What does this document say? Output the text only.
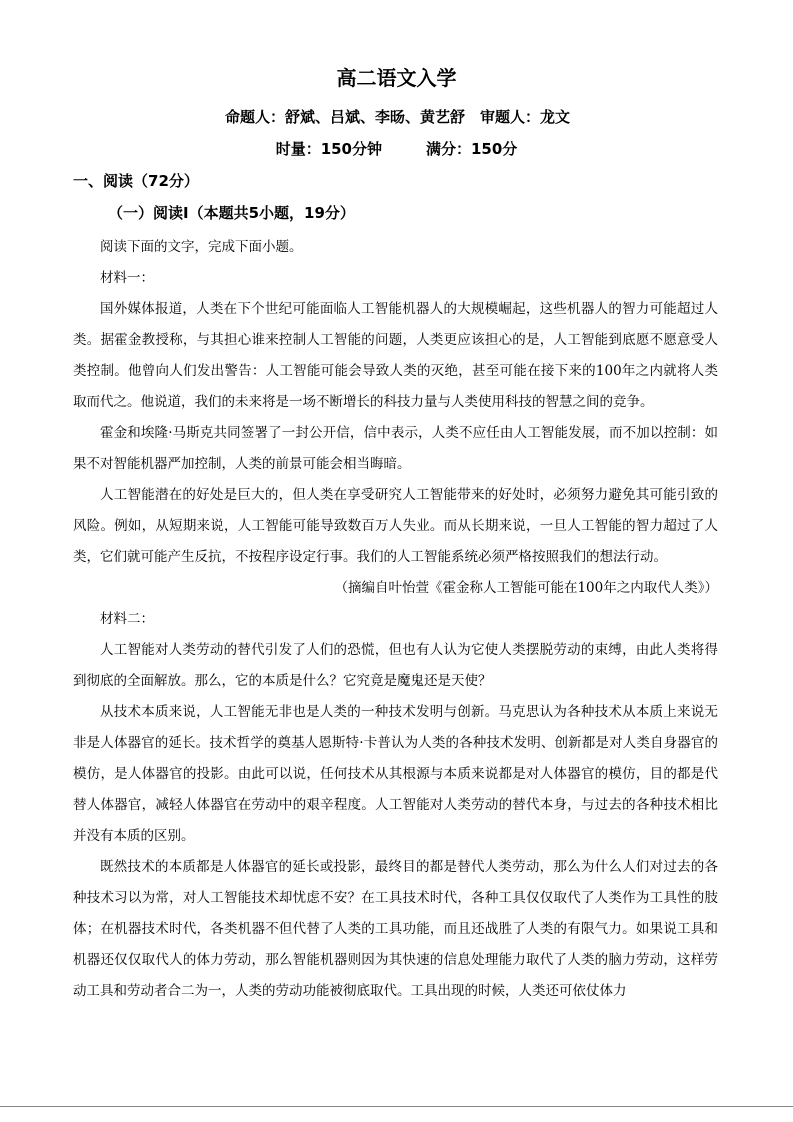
高二语文入学
命题人：舒斌、吕斌、李旸、黄艺舒　审题人：龙文
时量：150分钟	满分：150分
一、阅读（72分）
（一）阅读Ⅰ（本题共5小题，19分）

阅读下面的文字，完成下面小题。

材料一：

国外媒体报道，人类在下个世纪可能面临人工智能机器人的大规模崛起，这些机器人的智力可能超过人类。据霍金教授称，与其担心谁来控制人工智能的问题，人类更应该担心的是，人工智能到底愿不愿意受人类控制。他曾向人们发出警告：人工智能可能会导致人类的灭绝，甚至可能在接下来的100年之内就将人类取而代之。他说道，我们的未来将是一场不断增长的科技力量与人类使用科技的智慧之间的竞争。

霍金和埃隆·马斯克共同签署了一封公开信，信中表示，人类不应任由人工智能发展，而不加以控制：如果不对智能机器严加控制，人类的前景可能会相当晦暗。

人工智能潜在的好处是巨大的，但人类在享受研究人工智能带来的好处时，必须努力避免其可能引致的风险。例如，从短期来说，人工智能可能导致数百万人失业。而从长期来说，一旦人工智能的智力超过了人类，它们就可能产生反抗，不按程序设定行事。我们的人工智能系统必须严格按照我们的想法行动。

（摘编自叶怡萱《霍金称人工智能可能在100年之内取代人类》）

材料二：

人工智能对人类劳动的替代引发了人们的恐慌，但也有人认为它使人类摆脱劳动的束缚，由此人类将得到彻底的全面解放。那么，它的本质是什么？它究竟是魔鬼还是天使？

从技术本质来说，人工智能无非也是人类的一种技术发明与创新。马克思认为各种技术从本质上来说无非是人体器官的延长。技术哲学的奠基人恩斯特·卡普认为人类的各种技术发明、创新都是对人类自身器官的模仿，是人体器官的投影。由此可以说，任何技术从其根源与本质来说都是对人体器官的模仿，目的都是代替人体器官，减轻人体器官在劳动中的艰辛程度。人工智能对人类劳动的替代本身，与过去的各种技术相比并没有本质的区别。

既然技术的本质都是人体器官的延长或投影，最终目的都是替代人类劳动，那么为什么人们对过去的各种技术习以为常，对人工智能技术却忧虑不安？在工具技术时代，各种工具仅仅取代了人类作为工具性的肢体；在机器技术时代，各类机器不但代替了人类的工具功能，而且还战胜了人类的有限气力。如果说工具和机器还仅仅取代人的体力劳动，那么智能机器则因为其快速的信息处理能力取代了人类的脑力劳动，这样劳动工具和劳动者合二为一，人类的劳动功能被彻底取代。工具出现的时候，人类还可依仗体力
